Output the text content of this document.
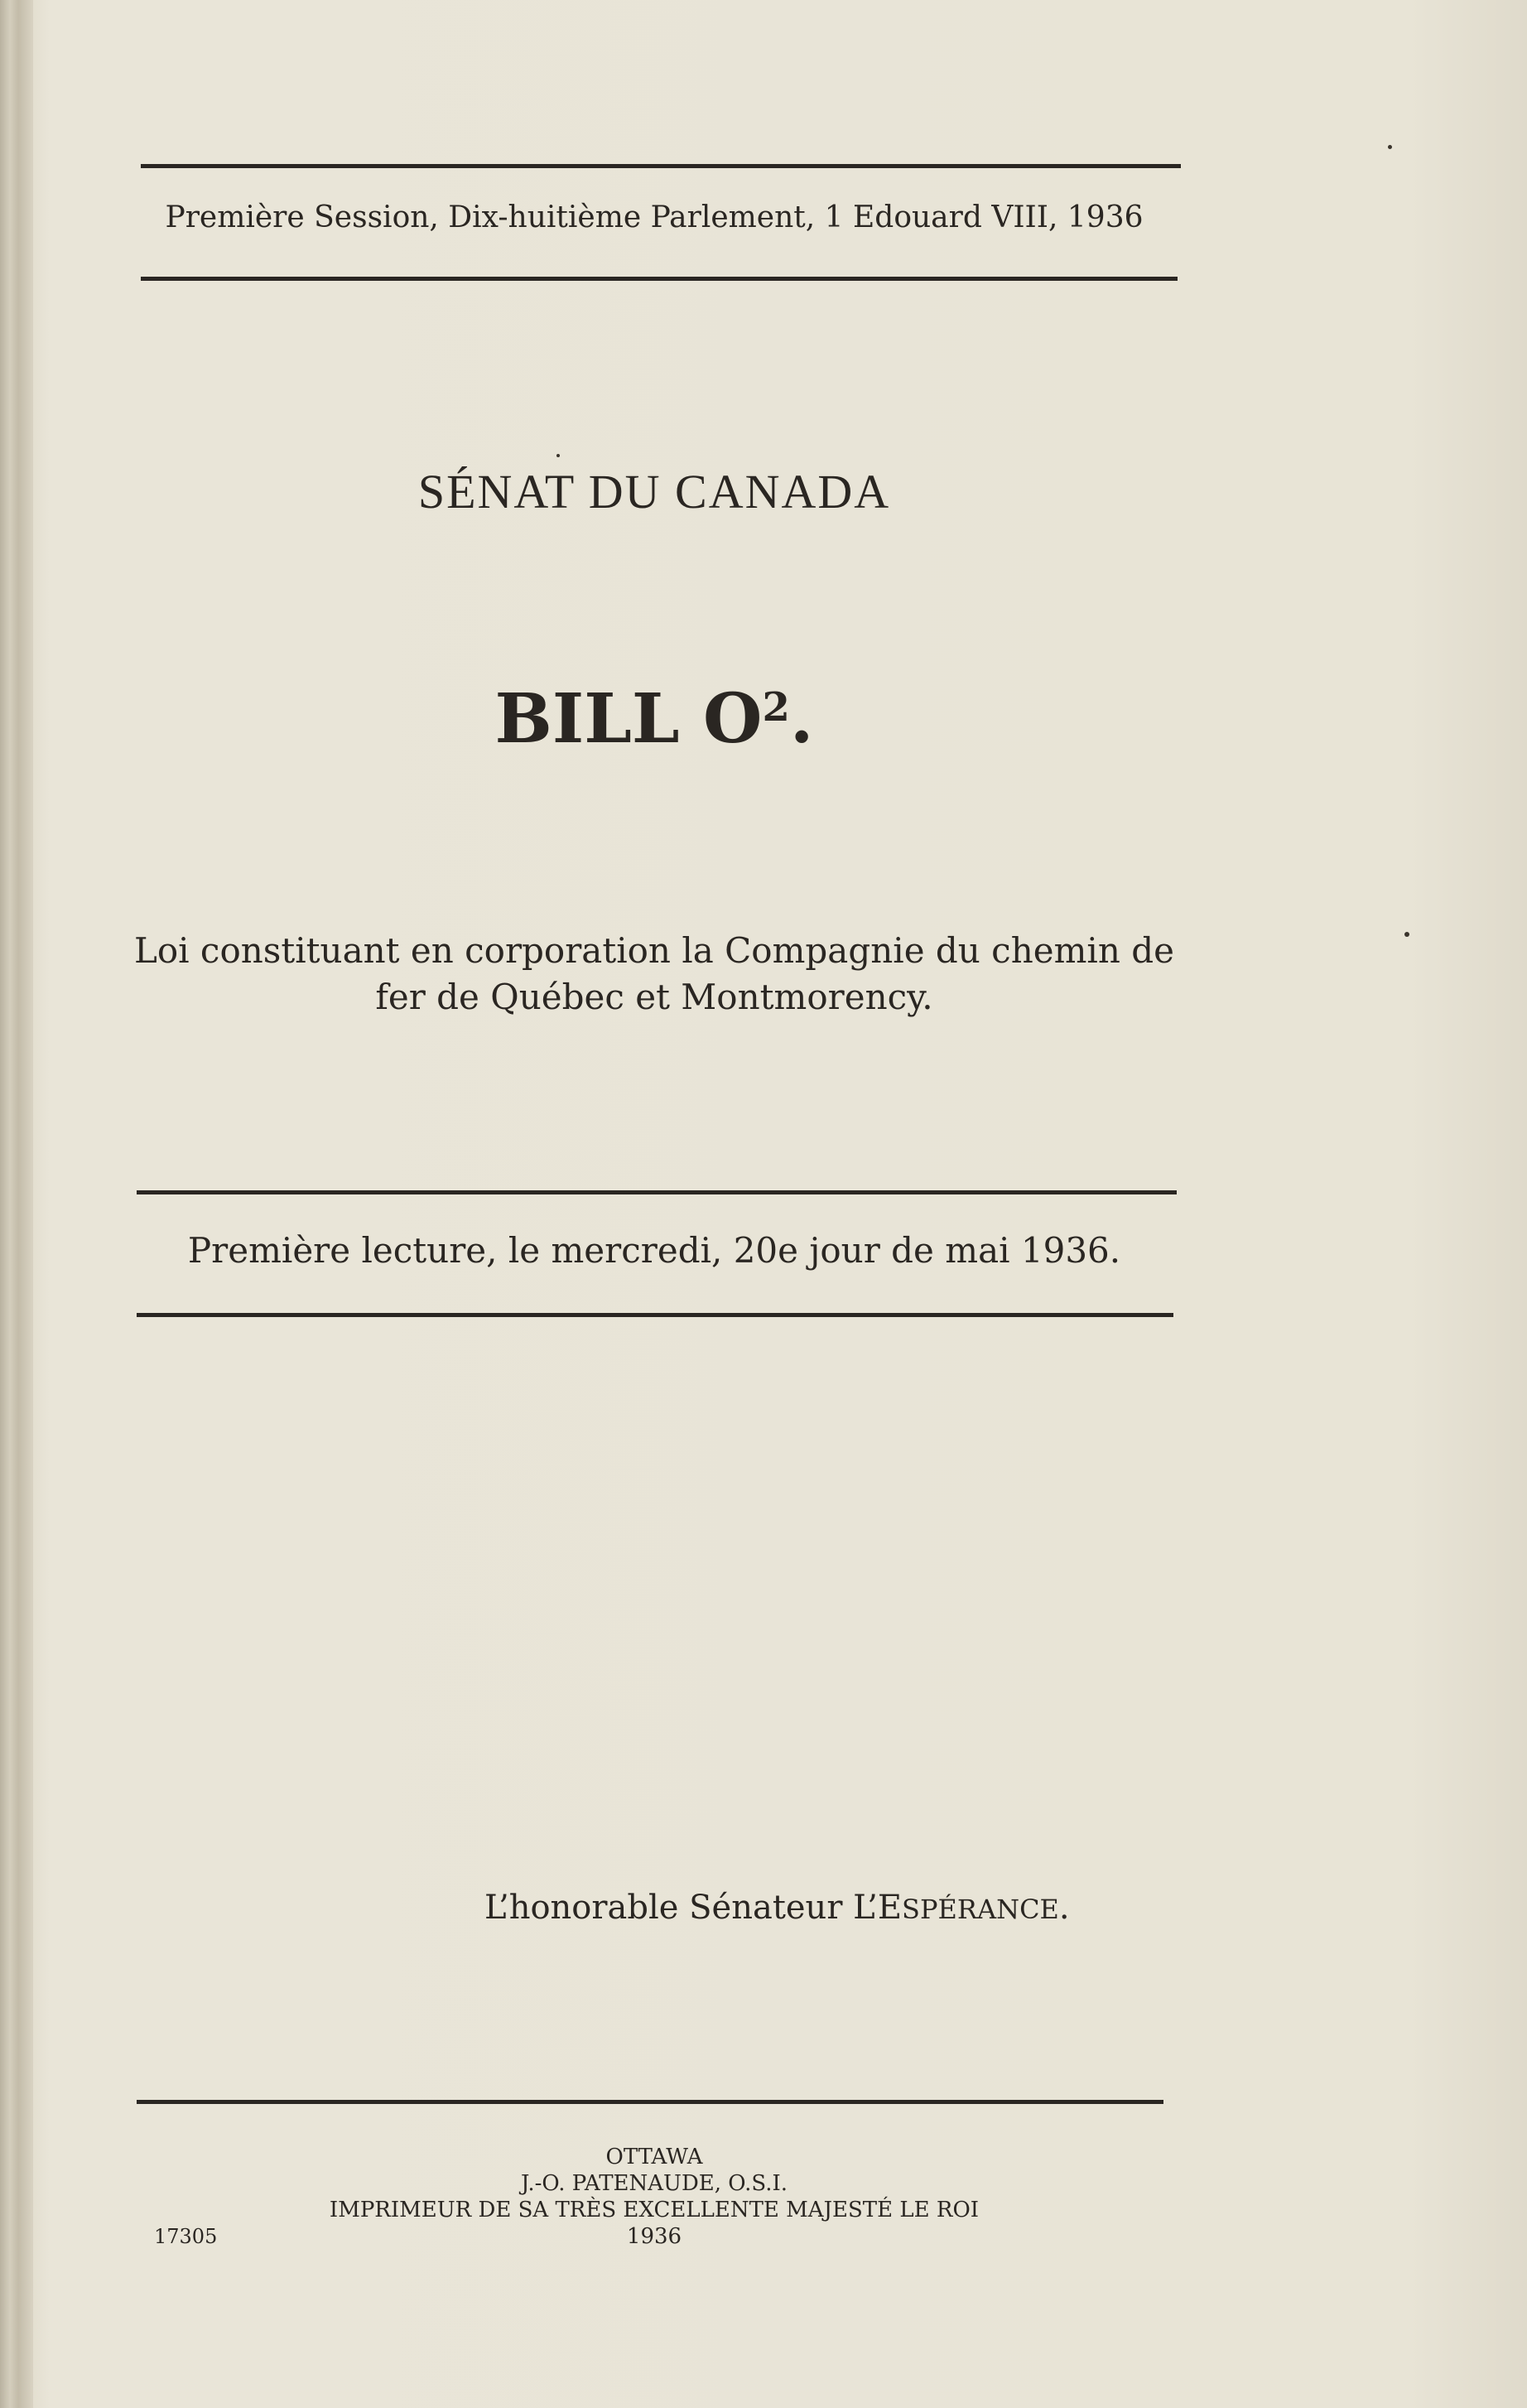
Première Session, Dix-huitième Parlement, 1 Edouard VIII, 1936
SÉNAT DU CANADA
BILL $O^2$.
Loi constituant en corporation la Compagnie du chemin de
fer de Québec et Montmorency.
Première lecture, le mercredi, 20e jour de mai 1936.
L’honorable Sénateur L’ESPÉRANCE.
OTTAWA
J.-O. PATENAUDE, O.S.I.
IMPRIMEUR DE SA TRÈS EXCELLENTE MAJESTÉ LE ROI
1936
17305
